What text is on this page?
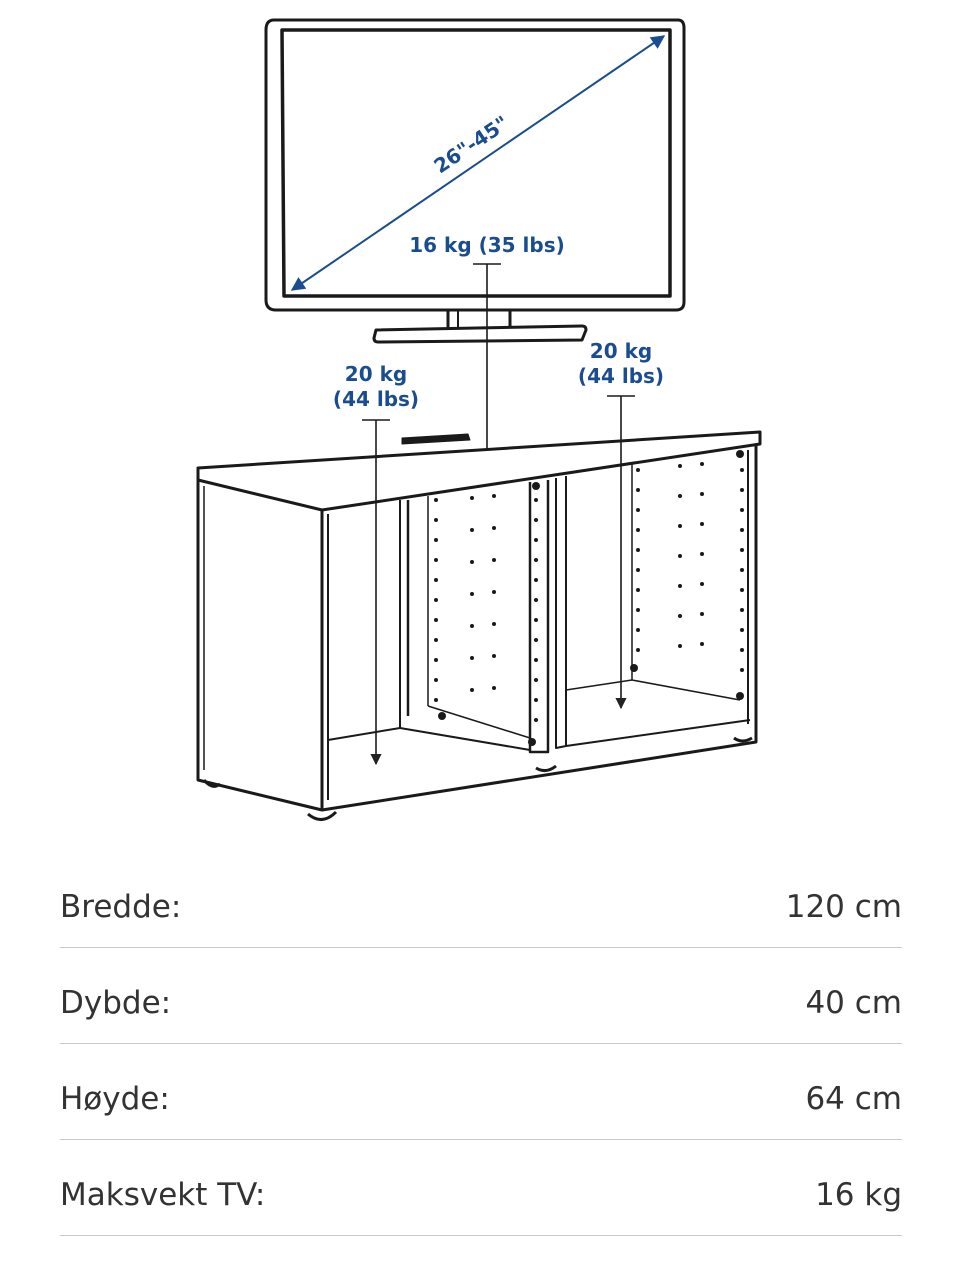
26"-45"
16 kg (35 lbs)
20 kg
(44 lbs)
20 kg
(44 lbs)
Bredde:	120 cm
Dybde:	40 cm
Høyde:	64 cm
Maksvekt TV:	16 kg
